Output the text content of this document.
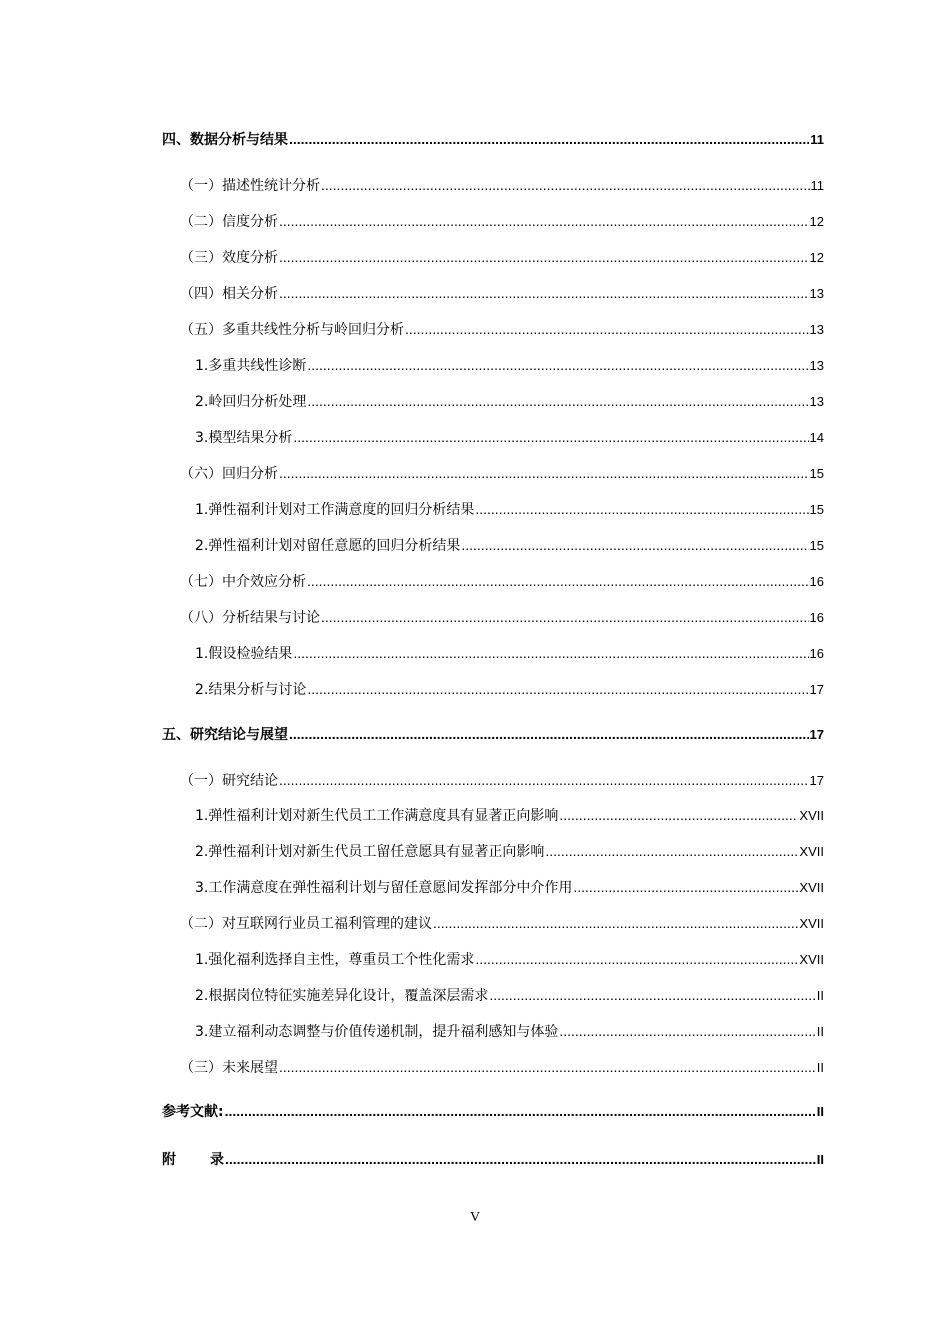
四、数据分析与结果 .....	11
（一）描述性统计分析 .....	11
（二）信度分析 .....	12
（三）效度分析 .....	12
（四）相关分析 .....	13
（五）多重共线性分析与岭回归分析 .....	13
1.多重共线性诊断 .....	13
2.岭回归分析处理 .....	13
3.模型结果分析 .....	14
（六）回归分析 .....	15
1.弹性福利计划对工作满意度的回归分析结果 .....	15
2.弹性福利计划对留任意愿的回归分析结果 .....	15
（七）中介效应分析 .....	16
（八）分析结果与讨论 .....	16
1.假设检验结果 .....	16
2.结果分析与讨论 .....	17
五、研究结论与展望 .....	17
（一）研究结论 .....	17
1.弹性福利计划对新生代员工工作满意度具有显著正向影响 .....	XVII
2.弹性福利计划对新生代员工留任意愿具有显著正向影响 .....	XVII
3.工作满意度在弹性福利计划与留任意愿间发挥部分中介作用 .....	XVII
（二）对互联网行业员工福利管理的建议 .....	XVII
1.强化福利选择自主性，尊重员工个性化需求 .....	XVII
2.根据岗位特征实施差异化设计，覆盖深层需求 .....	II
3.建立福利动态调整与价值传递机制，提升福利感知与体验 .....	II
（三）未来展望 .....	II
参考文献: .....	II
附 录 .....	II
V
